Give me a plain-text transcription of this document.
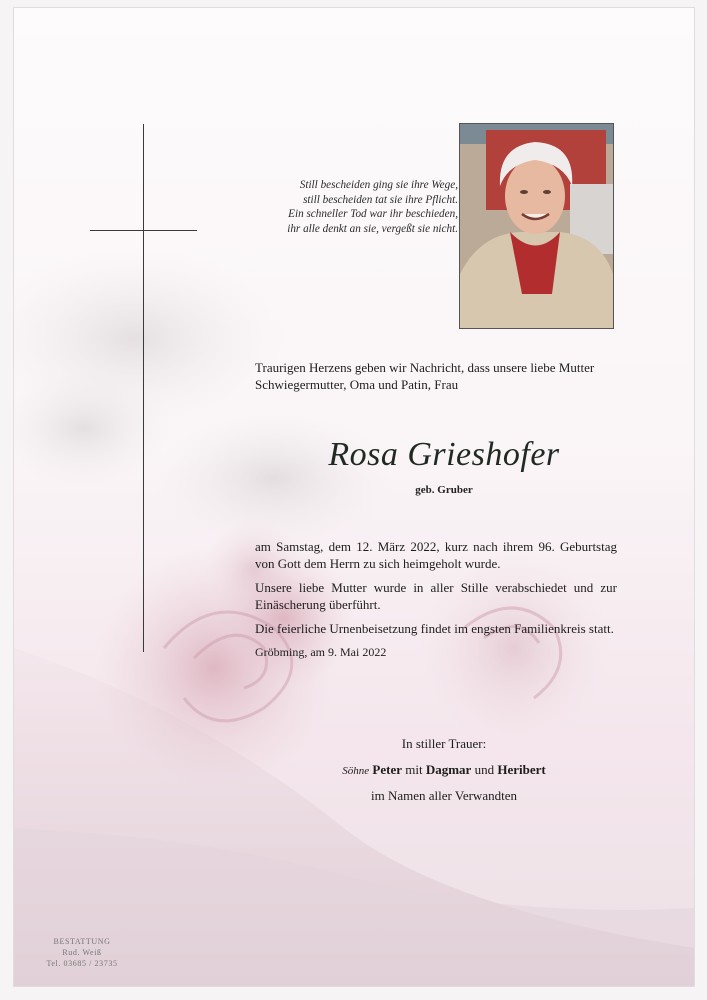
Still bescheiden ging sie ihre Wege,
still bescheiden tat sie ihre Pflicht.
Ein schneller Tod war ihr beschieden,
ihr alle denkt an sie, vergeßt sie nicht.
Traurigen Herzens geben wir Nachricht, dass unsere liebe Mutter Schwiegermutter, Oma und Patin, Frau
Rosa Grieshofer
geb. Gruber

am Samstag, dem 12. März 2022, kurz nach ihrem 96. Geburtstag von Gott dem Herrn zu sich heimgeholt wurde.

Unsere liebe Mutter wurde in aller Stille verabschiedet und zur Einäscherung überführt.

Die feierliche Urnenbeisetzung findet im engsten Familienkreis statt.

Gröbming, am 9. Mai 2022
In stiller Trauer:
Söhne Peter mit Dagmar und Heribert
im Namen aller Verwandten
BESTATTUNG
Rud. Weiß
Tel. 03685 / 23735
